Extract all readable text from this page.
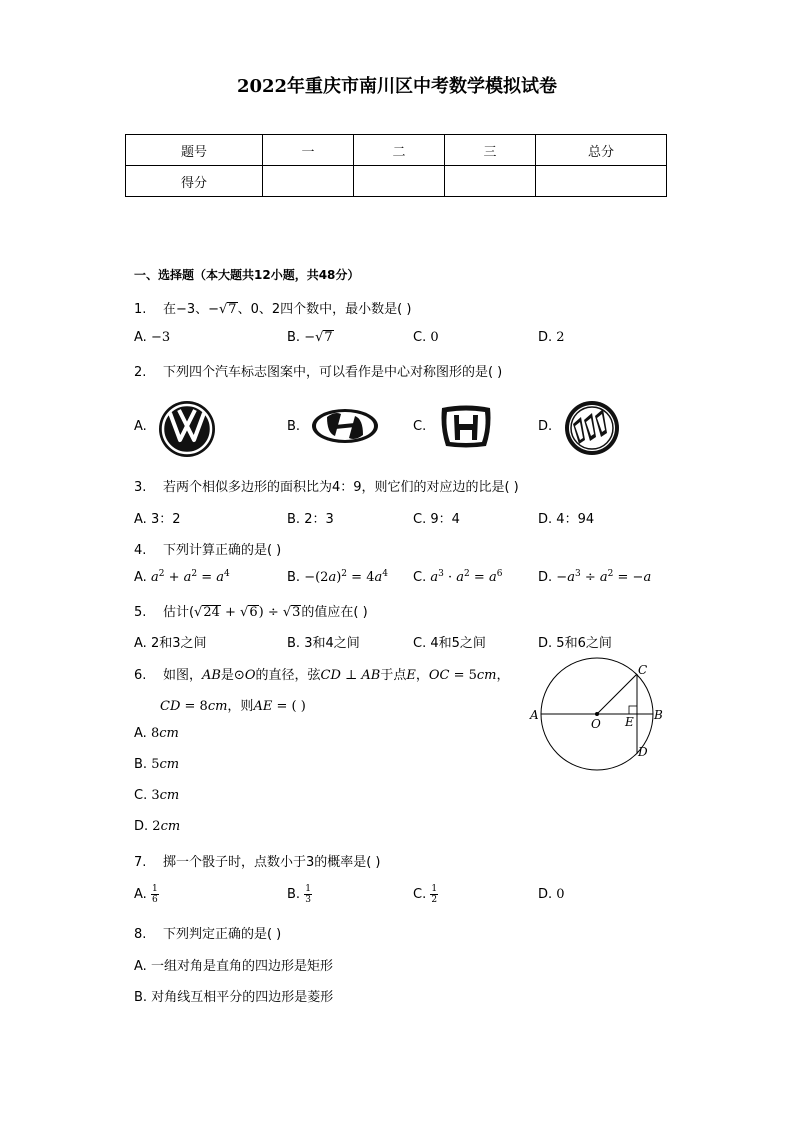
2022年重庆市南川区中考数学模拟试卷
题号	一	二	三	总分
得分				
一、选择题（本大题共12小题，共48分）
1. 在−3、−√7、0、2四个数中，最小数是( )
A. −3	B. −√7	C. 0	D. 2
2. 下列四个汽车标志图案中，可以看作是中心对称图形的是( )
A.	B.	C.	D.
3. 若两个相似多边形的面积比为4：9，则它们的对应边的比是( )
A. 3：2	B. 2：3	C. 9：4	D. 4：94
4. 下列计算正确的是( )
A. $a^2 + a^2 = a^4$	B. $-(2a)^2 = 4a^4$ C. $a^3 \cdot a^2 = a^6$	D. $-a^3 \div a^2 = -a$
5. 估计(√24 + √6) ÷ √3的值应在( )
A. 2和3之间	B. 3和4之间	C. 4和5之间	D. 5和6之间
6. 如图，AB是⊙O的直径，弦CD ⊥ AB于点E，OC = 5cm，
CD = 8cm，则AE = ( )
A. 8cm
B. 5cm
C. 3cm
D. 2cm
A	B
C
D
E
O
7. 掷一个骰子时，点数小于3的概率是( )
A. $\frac{1}{6}$	B. $\frac{1}{3}$	C. $\frac{1}{2}$	D. 0
8. 下列判定正确的是( )
A. 一组对角是直角的四边形是矩形
B. 对角线互相平分的四边形是菱形
